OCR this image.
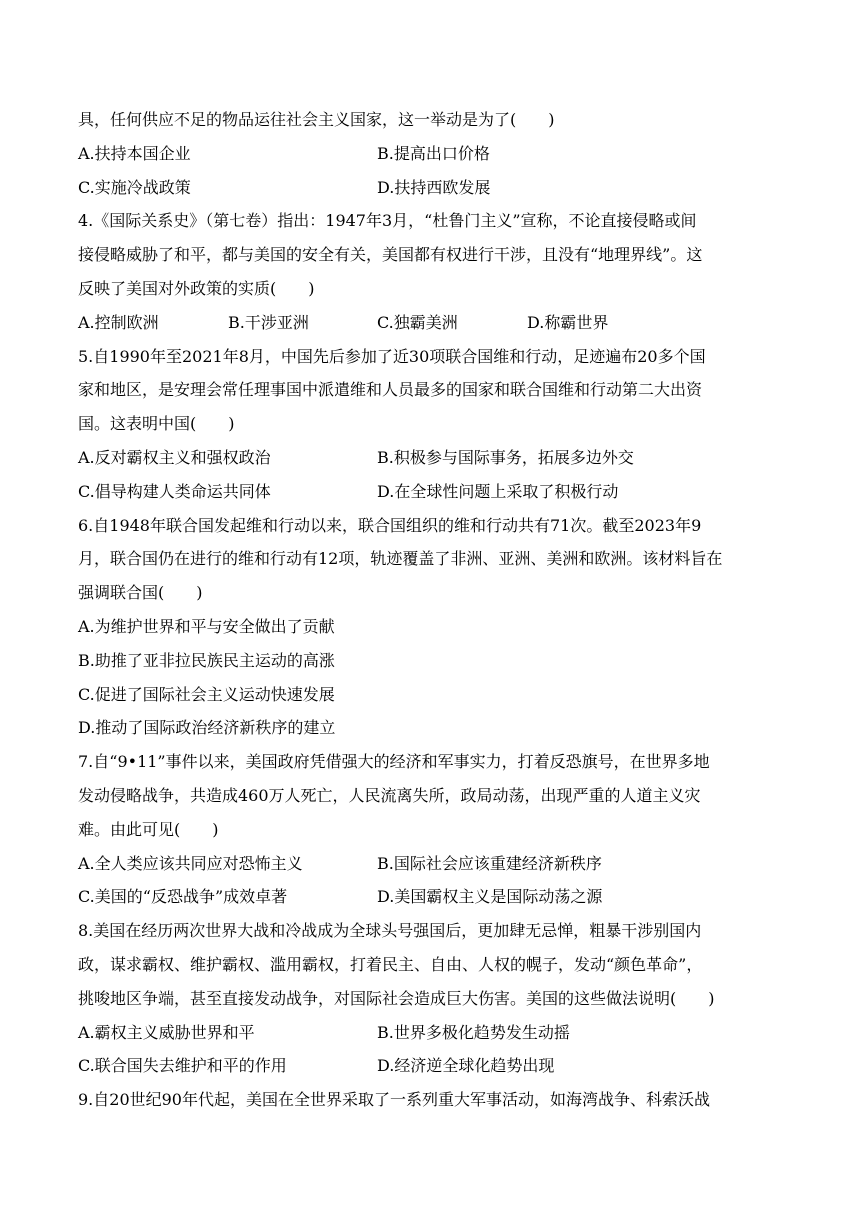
具，任何供应不足的物品运往社会主义国家，这一举动是为了(　　)
A.扶持本国企业	B.提高出口价格
C.实施冷战政策	D.扶持西欧发展
4.《国际关系史》（第七卷）指出：1947年3月，“杜鲁门主义”宣称，不论直接侵略或间
接侵略威胁了和平，都与美国的安全有关，美国都有权进行干涉，且没有“地理界线”。这
反映了美国对外政策的实质(　　)
A.控制欧洲	B.干涉亚洲	C.独霸美洲	D.称霸世界
5.自1990年至2021年8月，中国先后参加了近30项联合国维和行动，足迹遍布20多个国
家和地区，是安理会常任理事国中派遣维和人员最多的国家和联合国维和行动第二大出资
国。这表明中国(　　)
A.反对霸权主义和强权政治	B.积极参与国际事务，拓展多边外交
C.倡导构建人类命运共同体	D.在全球性问题上采取了积极行动
6.自1948年联合国发起维和行动以来，联合国组织的维和行动共有71次。截至2023年9
月，联合国仍在进行的维和行动有12项，轨迹覆盖了非洲、亚洲、美洲和欧洲。该材料旨在
强调联合国(　　)
A.为维护世界和平与安全做出了贡献
B.助推了亚非拉民族民主运动的高涨
C.促进了国际社会主义运动快速发展
D.推动了国际政治经济新秩序的建立
7.自“9•11”事件以来，美国政府凭借强大的经济和军事实力，打着反恐旗号，在世界多地
发动侵略战争，共造成460万人死亡，人民流离失所，政局动荡，出现严重的人道主义灾
难。由此可见(　　)
A.全人类应该共同应对恐怖主义	B.国际社会应该重建经济新秩序
C.美国的“反恐战争”成效卓著	D.美国霸权主义是国际动荡之源
8.美国在经历两次世界大战和冷战成为全球头号强国后，更加肆无忌惮，粗暴干涉别国内
政，谋求霸权、维护霸权、滥用霸权，打着民主、自由、人权的幌子，发动“颜色革命”，
挑唆地区争端，甚至直接发动战争，对国际社会造成巨大伤害。美国的这些做法说明(　　)
A.霸权主义威胁世界和平	B.世界多极化趋势发生动摇
C.联合国失去维护和平的作用	D.经济逆全球化趋势出现
9.自20世纪90年代起，美国在全世界采取了一系列重大军事活动，如海湾战争、科索沃战
